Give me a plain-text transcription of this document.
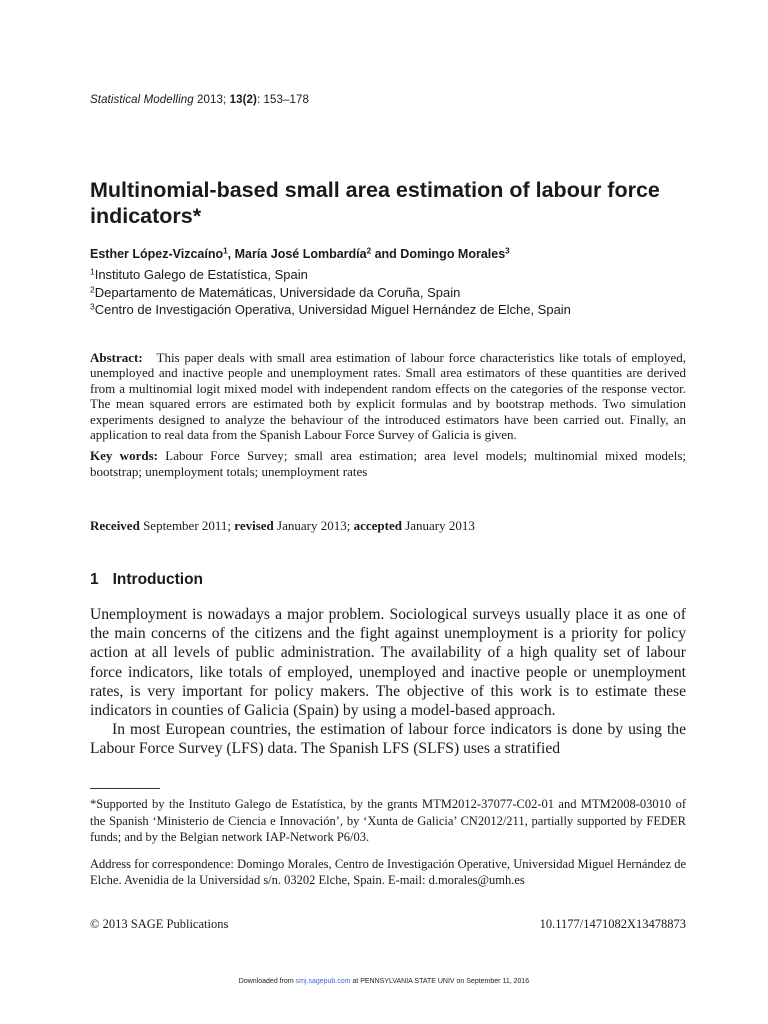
Statistical Modelling 2013; 13(2): 153–178
Multinomial-based small area estimation of labour force indicators*
Esther López-Vizcaíno$^1$, María José Lombardía$^2$ and Domingo Morales$^3$
$^1$Instituto Galego de Estatística, Spain
$^2$Departamento de Matemáticas, Universidade da Coruña, Spain
$^3$Centro de Investigación Operativa, Universidad Miguel Hernández de Elche, Spain

Abstract: This paper deals with small area estimation of labour force characteristics like totals of employed, unemployed and inactive people and unemployment rates. Small area estimators of these quantities are derived from a multinomial logit mixed model with independent random effects on the categories of the response vector. The mean squared errors are estimated both by explicit formulas and by bootstrap methods. Two simulation experiments designed to analyze the behaviour of the introduced estimators have been carried out. Finally, an application to real data from the Spanish Labour Force Survey of Galicia is given.

Key words: Labour Force Survey; small area estimation; area level models; multinomial mixed models; bootstrap; unemployment totals; unemployment rates

Received September 2011; revised January 2013; accepted January 2013
1 Introduction

Unemployment is nowadays a major problem. Sociological surveys usually place it as one of the main concerns of the citizens and the fight against unemployment is a priority for policy action at all levels of public administration. The availability of a high quality set of labour force indicators, like totals of employed, unemployed and inactive people or unemployment rates, is very important for policy makers. The objective of this work is to estimate these indicators in counties of Galicia (Spain) by using a model-based approach.

In most European countries, the estimation of labour force indicators is done by using the Labour Force Survey (LFS) data. The Spanish LFS (SLFS) uses a stratified

*Supported by the Instituto Galego de Estatística, by the grants MTM2012-37077-C02-01 and MTM2008-03010 of the Spanish ‘Ministerio de Ciencia e Innovación’, by ‘Xunta de Galicia’ CN2012/211, partially supported by FEDER funds; and by the Belgian network IAP-Network P6/03.

Address for correspondence: Domingo Morales, Centro de Investigación Operative, Universidad Miguel Hernández de Elche. Avenidia de la Universidad s/n. 03202 Elche, Spain. E-mail: d.morales@umh.es

© 2013 SAGE Publications	10.1177/1471082X13478873
Downloaded from smj.sagepub.com at PENNSYLVANIA STATE UNIV on September 11, 2016
